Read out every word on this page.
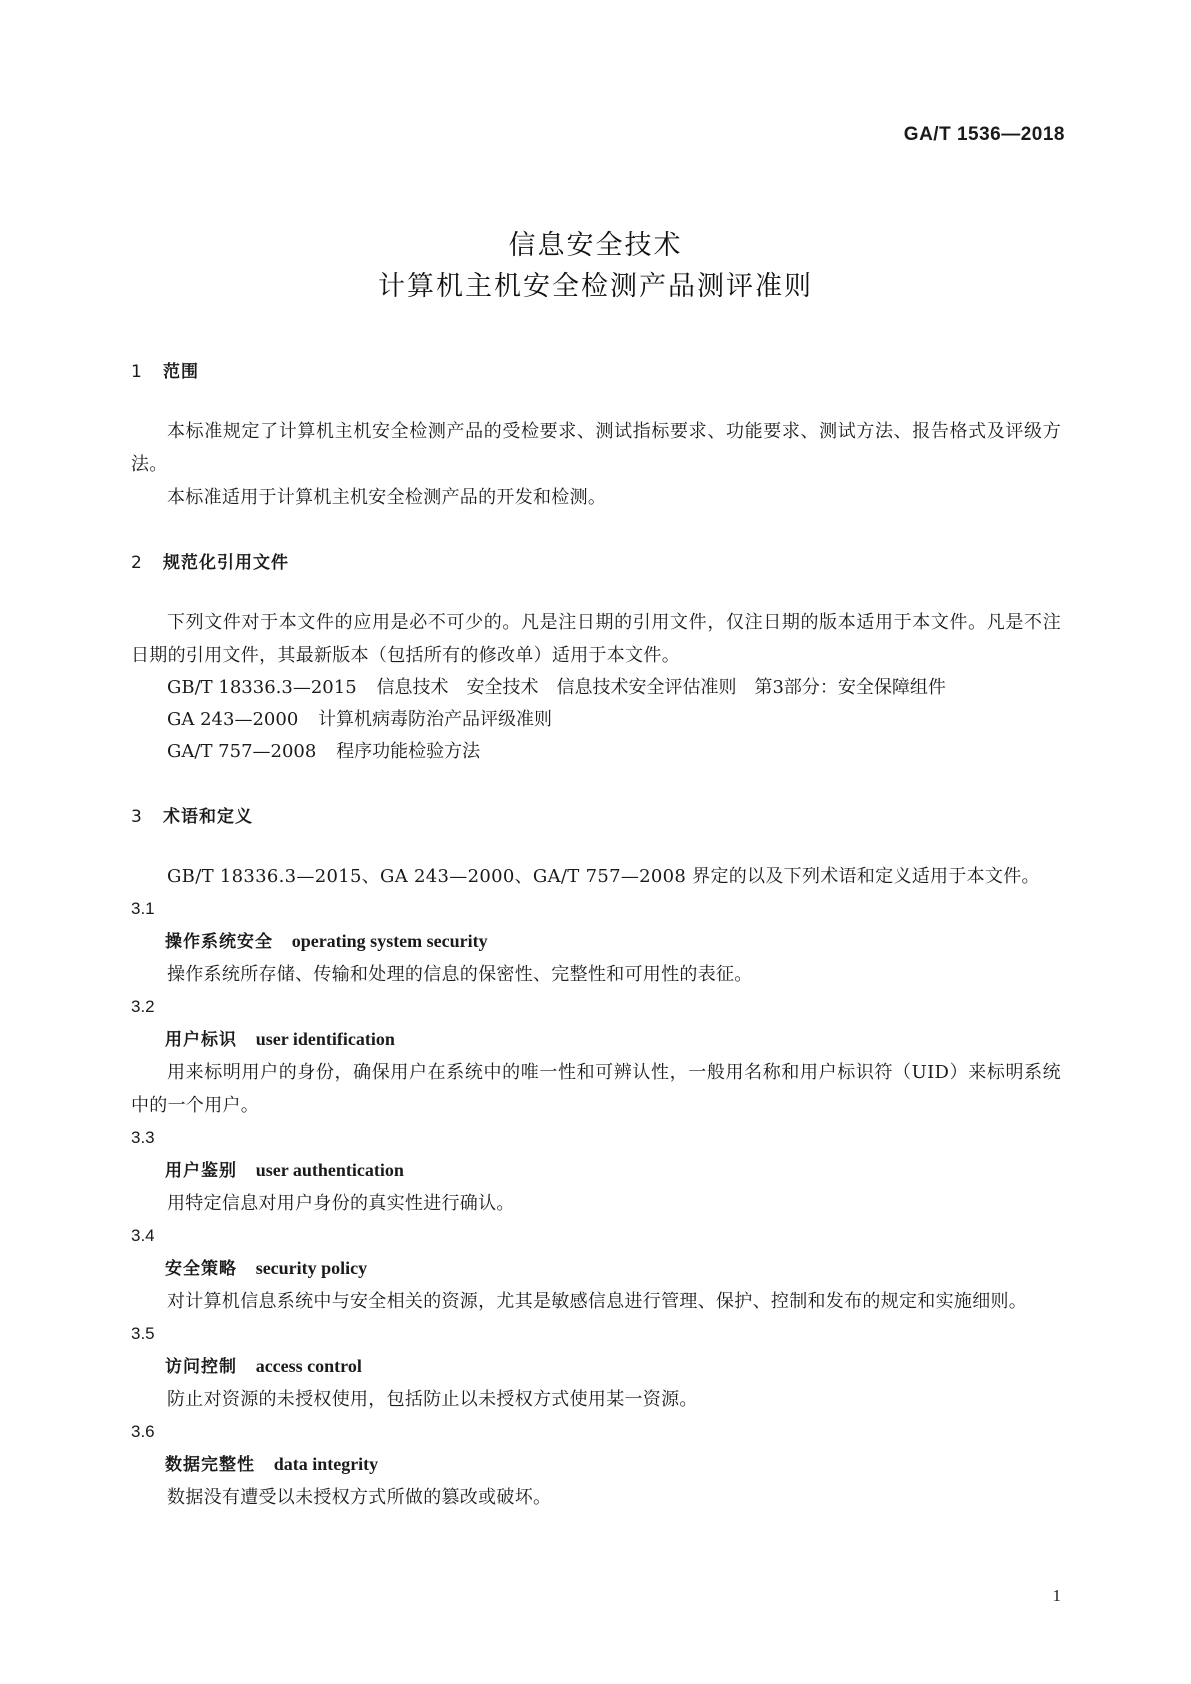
GA/T 1536—2018
信息安全技术
计算机主机安全检测产品测评准则
1 范围

本标准规定了计算机主机安全检测产品的受检要求、测试指标要求、功能要求、测试方法、报告格式及评级方法。

本标准适用于计算机主机安全检测产品的开发和检测。

2 规范化引用文件

下列文件对于本文件的应用是必不可少的。凡是注日期的引用文件，仅注日期的版本适用于本文件。凡是不注日期的引用文件，其最新版本（包括所有的修改单）适用于本文件。

GB/T 18336.3—2015 信息技术　安全技术　信息技术安全评估准则　第3部分：安全保障组件

GA 243—2000 计算机病毒防治产品评级准则

GA/T 757—2008 程序功能检验方法

3 术语和定义

GB/T 18336.3—2015、GA 243—2000、GA/T 757—2008 界定的以及下列术语和定义适用于本文件。

3.1
操作系统安全 operating system security

操作系统所存储、传输和处理的信息的保密性、完整性和可用性的表征。

3.2
用户标识 user identification

用来标明用户的身份，确保用户在系统中的唯一性和可辨认性，一般用名称和用户标识符（UID）来标明系统中的一个用户。

3.3
用户鉴别 user authentication

用特定信息对用户身份的真实性进行确认。

3.4
安全策略 security policy

对计算机信息系统中与安全相关的资源，尤其是敏感信息进行管理、保护、控制和发布的规定和实施细则。

3.5
访问控制 access control

防止对资源的未授权使用，包括防止以未授权方式使用某一资源。

3.6
数据完整性 data integrity

数据没有遭受以未授权方式所做的篡改或破坏。

1
